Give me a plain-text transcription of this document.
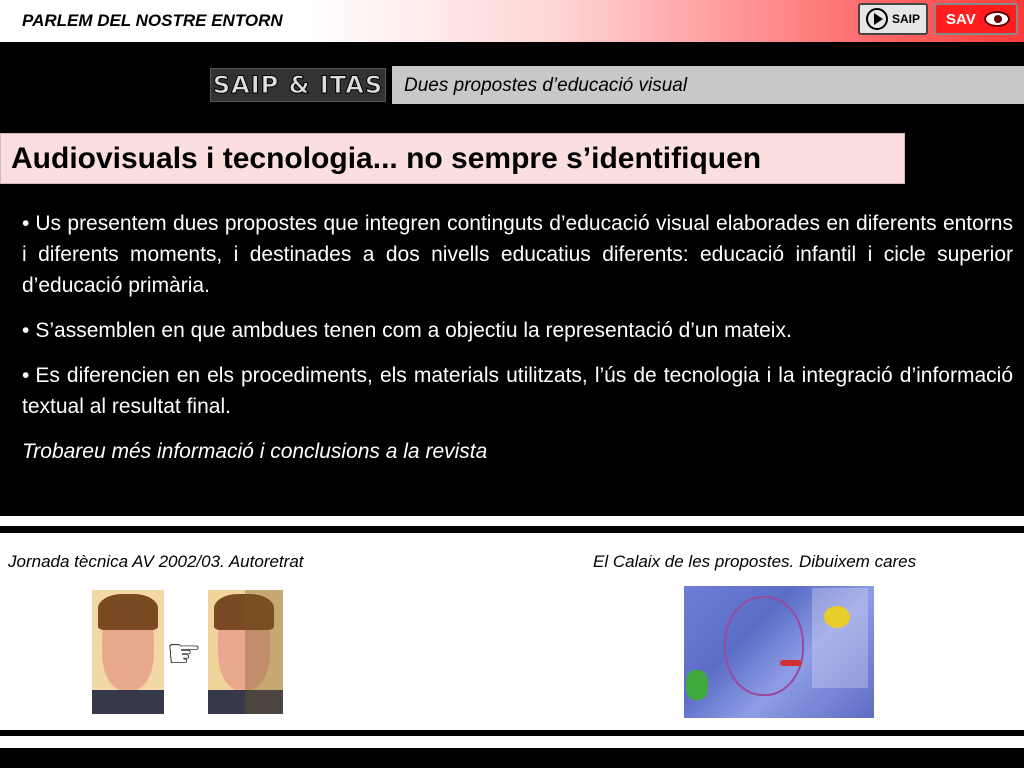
PARLEM DEL NOSTRE ENTORN	SAIP SAV
SAIP & ITAS Dues propostes d’educació visual
Audiovisuals i tecnologia... no sempre s’identifiquen

• Us presentem dues propostes que integren continguts d’educació visual elaborades en diferents entorns i diferents moments, i destinades a dos nivells educatius diferents: educació infantil i cicle superior d’educació primària.

• S’assemblen en que ambdues tenen com a objectiu la representació d’un mateix.

• Es diferencien en els procediments, els materials utilitzats, l’ús de tecnologia i la integració d’informació textual al resultat final.

Trobareu més informació i conclusions a la revista

Jornada tècnica AV 2002/03. Autoretrat	El Calaix de les propostes. Dibuixem cares
☞
